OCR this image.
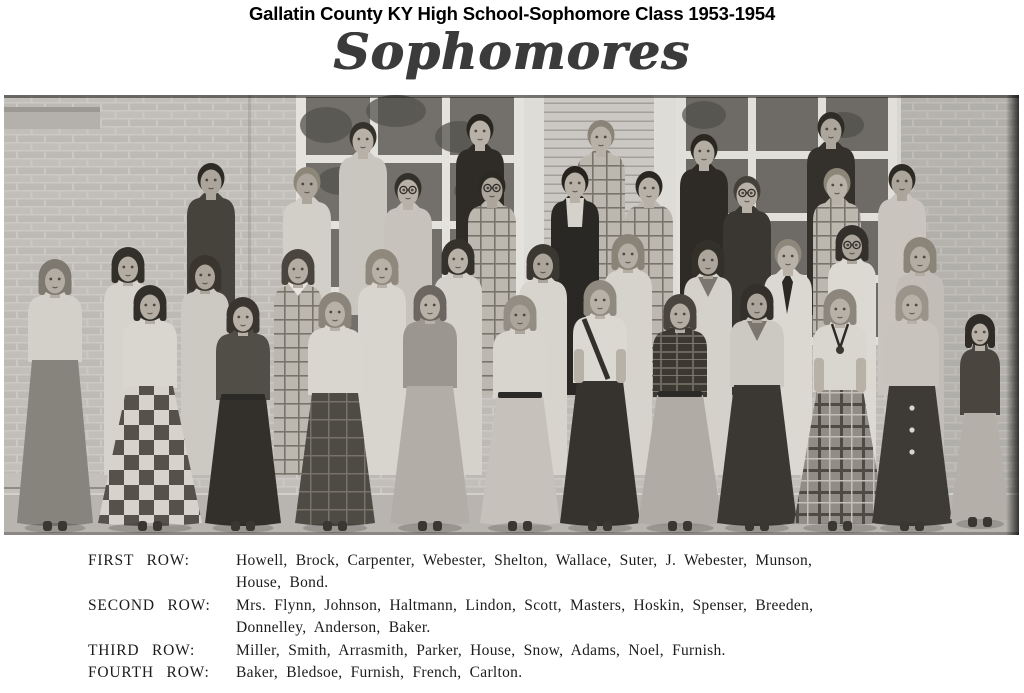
Gallatin County KY High School-Sophomore Class 1953-1954
Sophomores
FIRST ROW:	Howell, Brock, Carpenter, Webester, Shelton, Wallace, Suter, J. Webester, Munson,
House, Bond.
SECOND ROW:	Mrs. Flynn, Johnson, Haltmann, Lindon, Scott, Masters, Hoskin, Spenser, Breeden,
Donnelley, Anderson, Baker.
THIRD ROW:	Miller, Smith, Arrasmith, Parker, House, Snow, Adams, Noel, Furnish.
FOURTH ROW:	Baker, Bledsoe, Furnish, French, Carlton.
